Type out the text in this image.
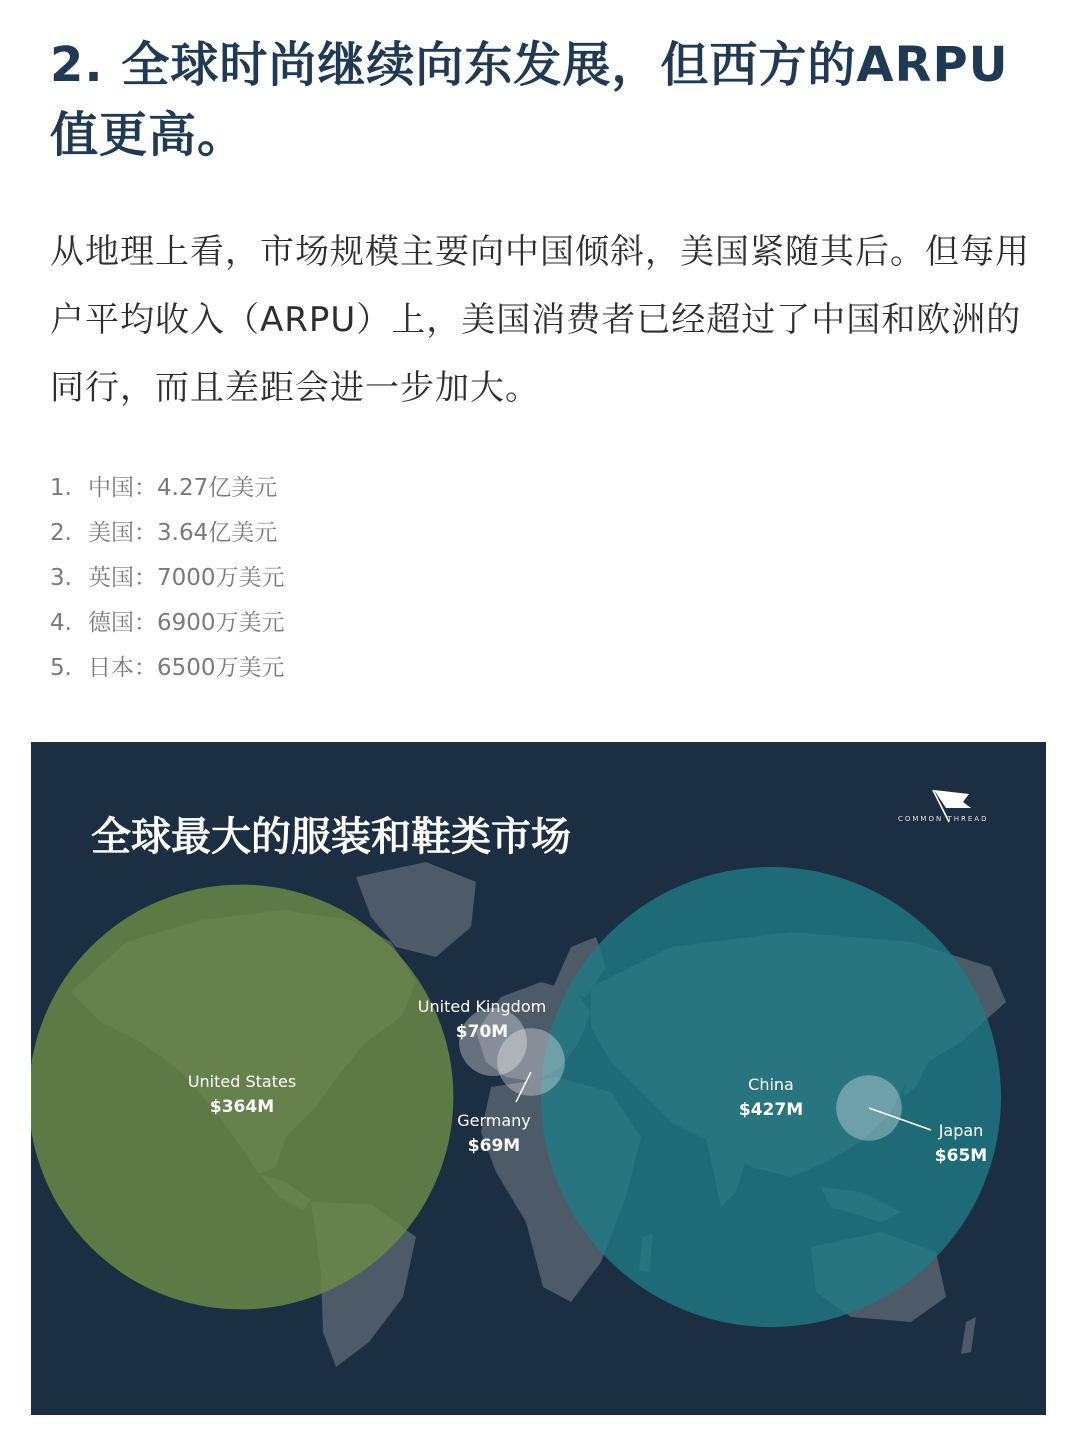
2. 全球时尚继续向东发展，但西方的ARPU值更高。

从地理上看，市场规模主要向中国倾斜，美国紧随其后。但每用户平均收入（ARPU）上，美国消费者已经超过了中国和欧洲的同行，而且差距会进一步加大。

1. 中国：4.27亿美元
2. 美国：3.64亿美元
3. 英国：7000万美元
4. 德国：6900万美元
5. 日本：6500万美元
全球最大的服装和鞋类市场	COMMON THREAD
United States
$364M
United Kingdom
$70M
Germany
$69M
China
$427M
Japan
$65M
